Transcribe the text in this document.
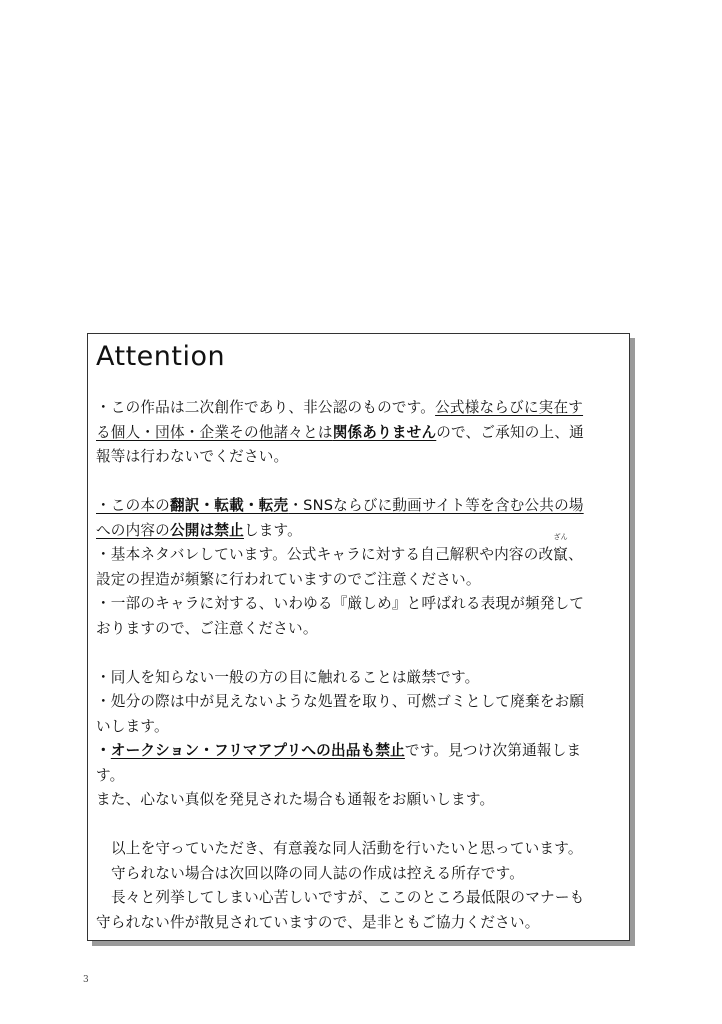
Attention
・この作品は二次創作であり、非公認のものです。公式様ならびに実在す
る個人・団体・企業その他諸々とは関係ありませんので、ご承知の上、通
報等は行わないでください。
・この本の翻訳・転載・転売・SNSならびに動画サイト等を含む公共の場
への内容の公開は禁止します。
・基本ネタバレしています。公式キャラに対する自己解釈や内容の改
ざん
竄、
設定の捏造が頻繁に行われていますのでご注意ください。
・一部のキャラに対する、いわゆる『厳しめ』と呼ばれる表現が頻発して
おりますので、ご注意ください。
・同人を知らない一般の方の目に触れることは厳禁です。
・処分の際は中が見えないような処置を取り、可燃ゴミとして廃棄をお願
いします。
・オークション・フリマアプリへの出品も禁止です。見つけ次第通報しま
す。
また、心ない真似を発見された場合も通報をお願いします。
以上を守っていただき、有意義な同人活動を行いたいと思っています。
守られない場合は次回以降の同人誌の作成は控える所存です。
長々と列挙してしまい心苦しいですが、ここのところ最低限のマナーも
守られない件が散見されていますので、是非ともご協力ください。
3
